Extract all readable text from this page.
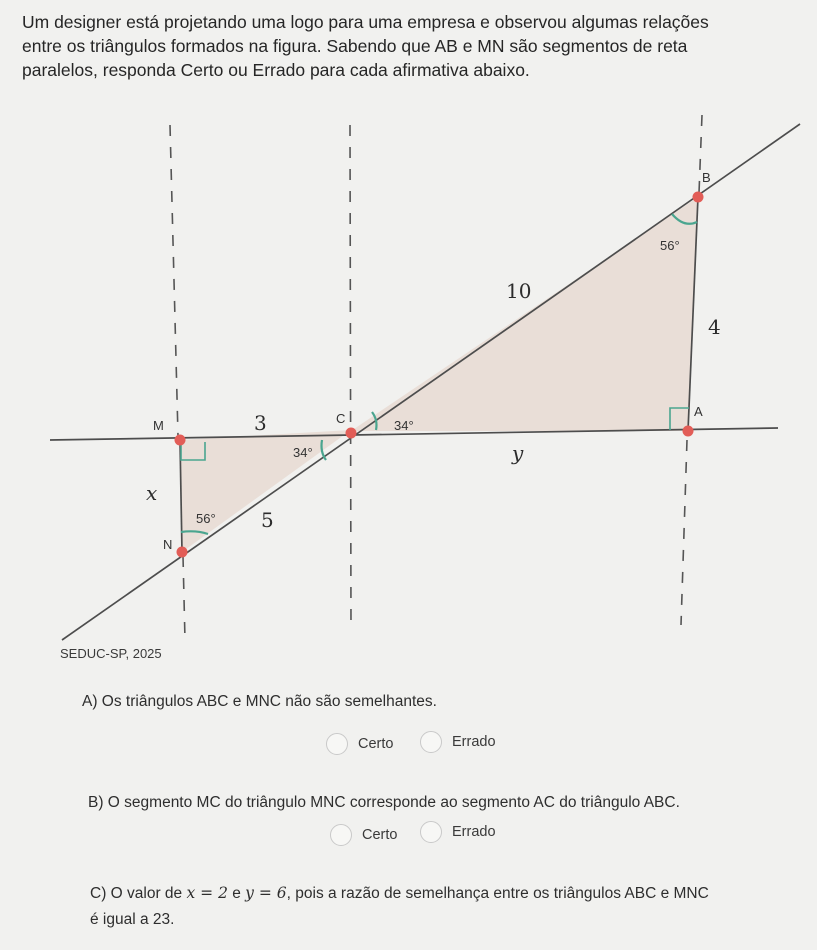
Um designer está projetando uma logo para uma empresa e observou algumas relações
entre os triângulos formados na figura. Sabendo que AB e MN são segmentos de reta
paralelos, responda Certo ou Errado para cada afirmativa abaixo.
B
A
M	C
N
56°
34°
34°
56°
10
4
3
5
x
y
SEDUC-SP, 2025
A) Os triângulos ABC e MNC não são semelhantes.
Certo	Errado
B) O segmento MC do triângulo MNC corresponde ao segmento AC do triângulo ABC.
Certo	Errado
C) O valor de x = 2 e y = 6, pois a razão de semelhança entre os triângulos ABC e MNC
é igual a 23.
